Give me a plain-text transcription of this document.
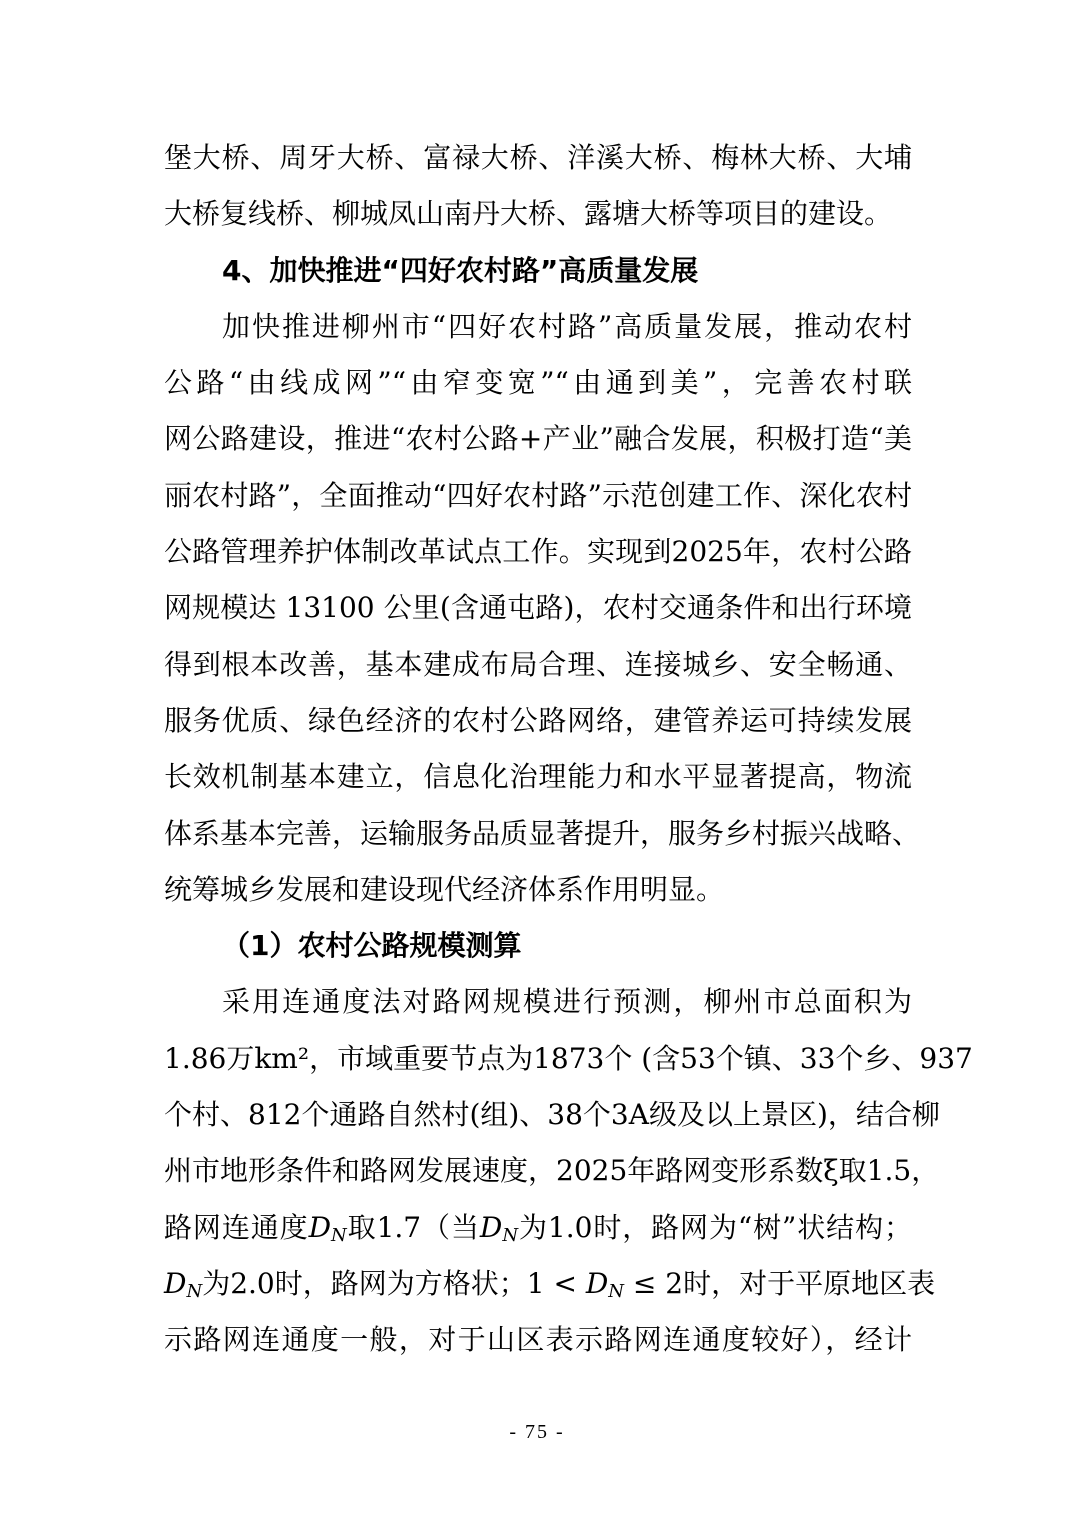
堡大桥、周牙大桥、富禄大桥、洋溪大桥、梅林大桥、大埔
大桥复线桥、柳城凤山南丹大桥、露塘大桥等项目的建设。
4、加快推进“四好农村路”高质量发展
加快推进柳州市“四好农村路”高质量发展，推动农村
公路“由线成网”“由窄变宽”“由通到美”，完善农村联
网公路建设，推进“农村公路+产业”融合发展，积极打造“美
丽农村路”，全面推动“四好农村路”示范创建工作、深化农村
公路管理养护体制改革试点工作。实现到2025年，农村公路
网规模达 13100 公里(含通屯路)，农村交通条件和出行环境
得到根本改善，基本建成布局合理、连接城乡、安全畅通、
服务优质、绿色经济的农村公路网络，建管养运可持续发展
长效机制基本建立，信息化治理能力和水平显著提高，物流
体系基本完善，运输服务品质显著提升，服务乡村振兴战略、
统筹城乡发展和建设现代经济体系作用明显。
（1）农村公路规模测算
采用连通度法对路网规模进行预测，柳州市总面积为
1.86万km²，市域重要节点为1873个 (含53个镇、33个乡、937
个村、812个通路自然村(组)、38个3A级及以上景区)，结合柳
州市地形条件和路网发展速度，2025年路网变形系数ξ取1.5，
路网连通度$D_N$取1.7（当$D_N$为1.0时，路网为“树”状结构；
$D_N$为2.0时，路网为方格状；$1 < D_N \le 2$时，对于平原地区表
示路网连通度一般，对于山区表示路网连通度较好），经计
- 75 -
